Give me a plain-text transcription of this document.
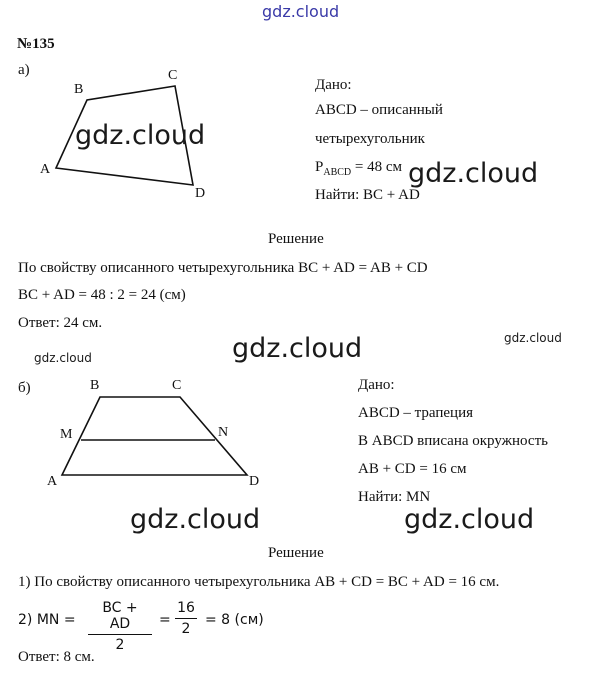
gdz.cloud
№135
а)
B
C
A
D
gdz.cloud
Дано:
ABCD – описанный
четырехугольник
$P_{ABCD} = 48$ см
Найти: BC + AD
gdz.cloud
Решение
По свойству описанного четырехугольника BC + AD = AB + CD
BC + AD = 48 : 2 = 24 (см)
Ответ: 24 см.
gdz.cloud
gdz.cloud	gdz.cloud
б)	B	C
M	N
A	D
Дано:
ABCD – трапеция
В ABCD вписана окружность
AB + CD = 16 см
Найти: MN
gdz.cloud	gdz.cloud
Решение
1) По свойству описанного четырехугольника AB + CD = BC + AD = 16 см.
2) MN = $\frac{BC + AD}{2} = \frac{16}{2} = 8$ (см)
Ответ: 8 см.
